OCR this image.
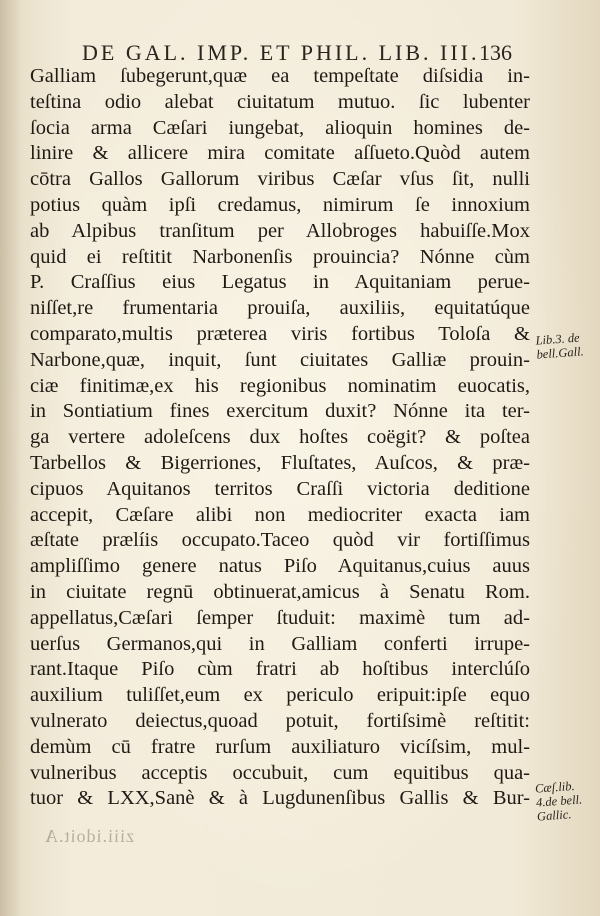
DE GAL. IMP. ET PHIL. LIB. III. 136
Galliam ſubegerunt,quæ ea tempeſtate diſsidia in-
teſtina odio alebat ciuitatum mutuo. ſic lubenter
ſocia arma Cæſari iungebat, alioquin homines de-
linire & allicere mira comitate aſſueto.Quòd autem
cōtra Gallos Gallorum viribus Cæſar vſus ſit, nulli
potius quàm ipſi credamus, nimirum ſe innoxium
ab Alpibus tranſitum per Allobroges habuiſſe.Mox
quid ei reſtitit Narbonenſis prouincia? Nónne cùm
P. Craſſius eius Legatus in Aquitaniam perue-
niſſet,re frumentaria prouiſa, auxiliis, equitatúque
comparato,multis præterea viris fortibus Toloſa &
Narbone,quæ, inquit, ſunt ciuitates Galliæ prouin-
ciæ finitimæ,ex his regionibus nominatim euocatis,
in Sontiatium fines exercitum duxit? Nónne ita ter-
ga vertere adoleſcens dux hoſtes coëgit? & poſtea
Tarbellos & Bigerriones, Fluſtates, Auſcos, & præ-
cipuos Aquitanos territos Craſſi victoria deditione
accepit, Cæſare alibi non mediocriter exacta iam
æſtate prælíis occupato.Taceo quòd vir fortiſſimus
ampliſſimo genere natus Piſo Aquitanus,cuius auus
in ciuitate regnū obtinuerat,amicus à Senatu Rom.
appellatus,Cæſari ſemper ſtuduit: maximè tum ad-
uerſus Germanos,qui in Galliam conferti irrupe-
rant.Itaque Piſo cùm fratri ab hoſtibus interclúſo
auxilium tuliſſet,eum ex periculo eripuit:ipſe equo
vulnerato deiectus,quoad potuit, fortiſsimè reſtitit:
demùm cū fratre rurſum auxiliaturo vicíſsim, mul-
vulneribus acceptis occubuit, cum equitibus qua-
tuor & LXX,Sanè & à Lugdunenſibus Gallis & Bur-
Lib.3. de
bell.Gall.
Cæſ.lib.
4.de bell.
Gallic.
ziii.idoit.A
